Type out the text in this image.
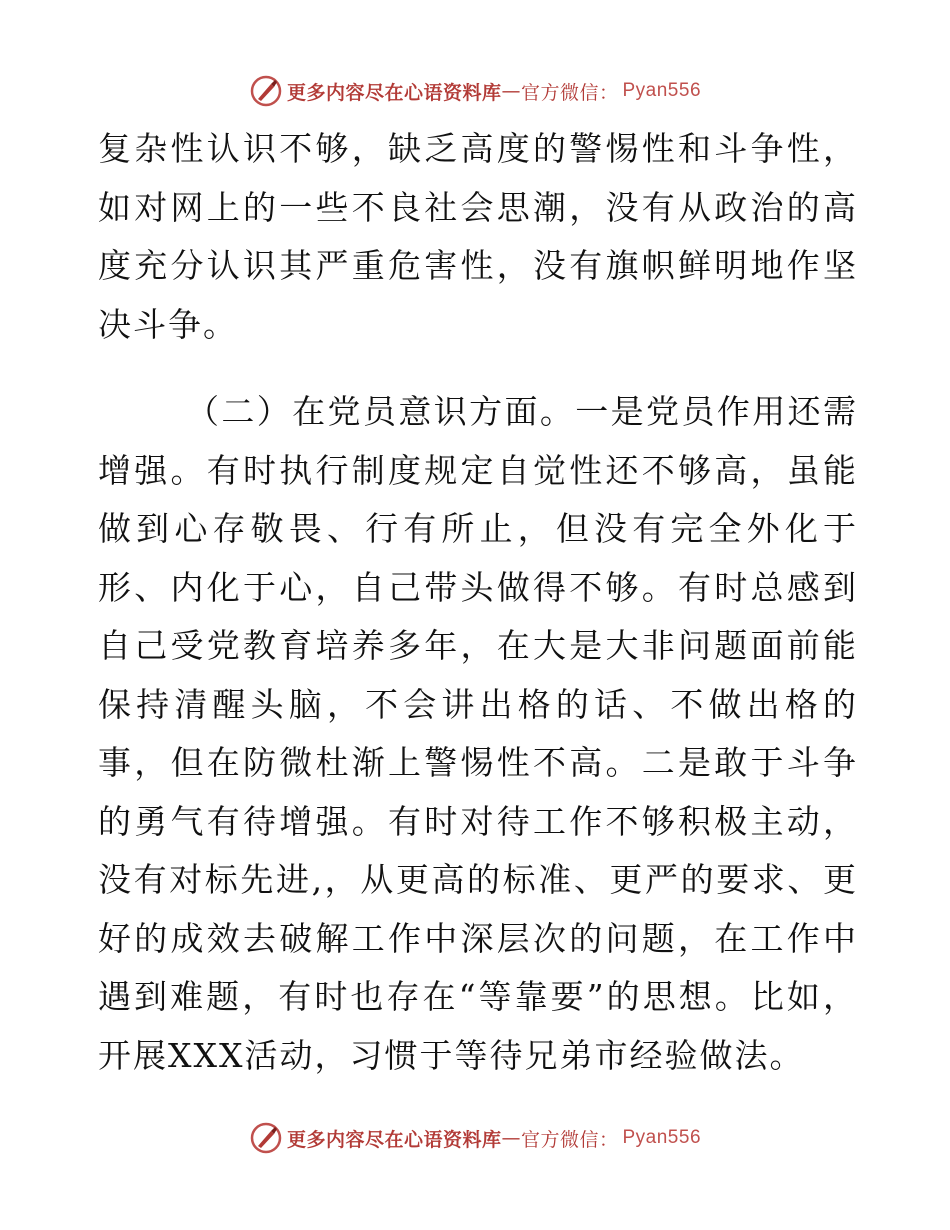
更多内容尽在心语资料库 — 官方微信： Pyan556

复杂性认识不够，缺乏高度的警惕性和斗争性，如对网上的一些不良社会思潮，没有从政治的高度充分认识其严重危害性，没有旗帜鲜明地作坚决斗争。

（二）在党员意识方面。一是党员作用还需增强。有时执行制度规定自觉性还不够高，虽能做到心存敬畏、行有所止，但没有完全外化于形、内化于心，自己带头做得不够。有时总感到自己受党教育培养多年，在大是大非问题面前能保持清醒头脑，不会讲出格的话、不做出格的事，但在防微杜渐上警惕性不高。二是敢于斗争的勇气有待增强。有时对待工作不够积极主动，没有对标先进,，从更高的标准、更严的要求、更好的成效去破解工作中深层次的问题，在工作中遇到难题，有时也存在“等靠要”的思想。比如，开展XXX活动，习惯于等待兄弟市经验做法。

更多内容尽在心语资料库 — 官方微信： Pyan556
